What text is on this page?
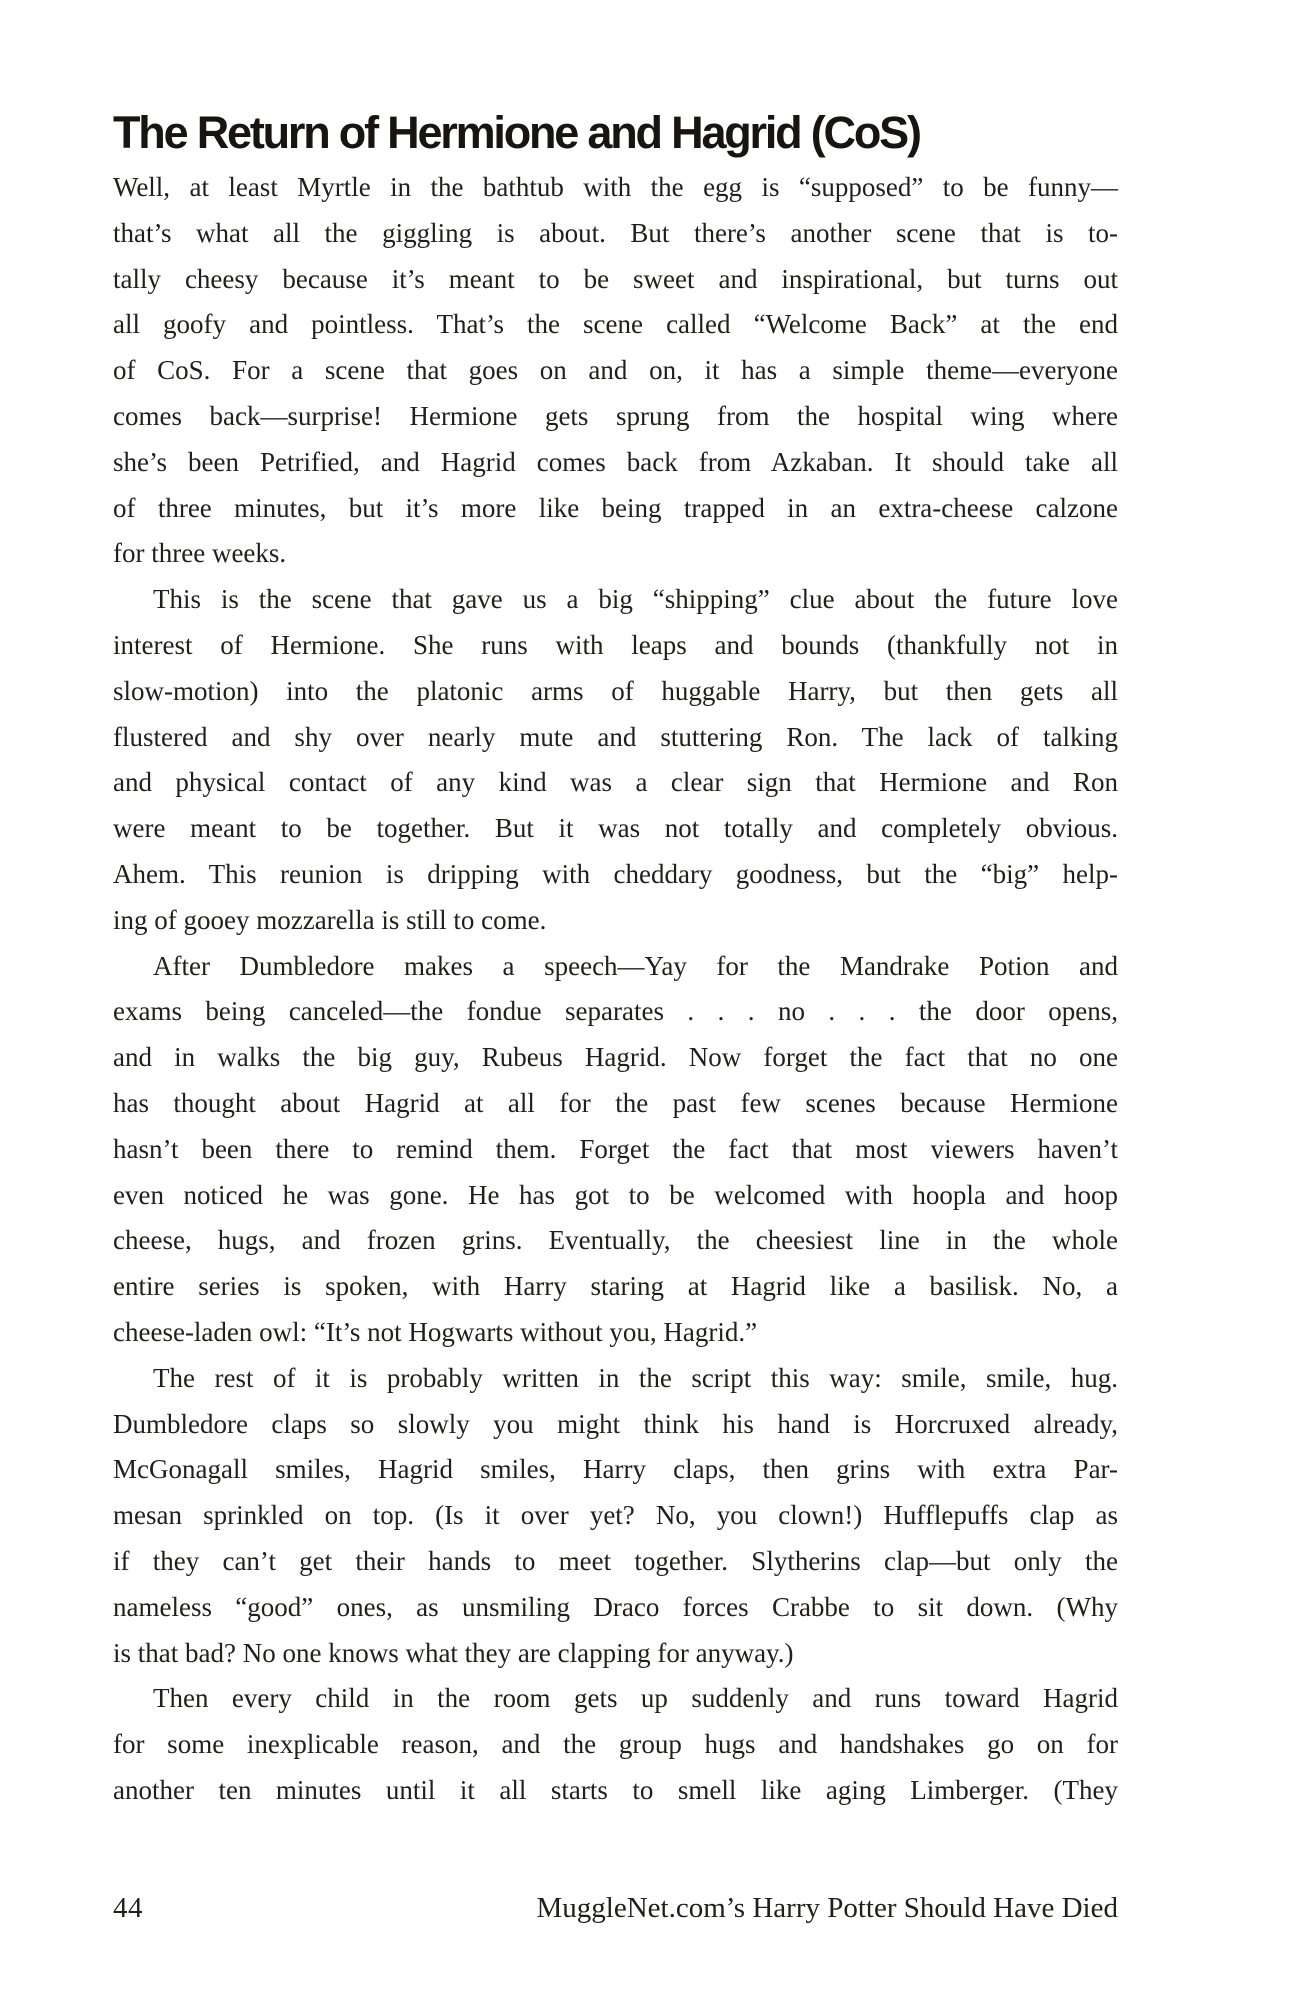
The Return of Hermione and Hagrid (CoS)
Well, at least Myrtle in the bathtub with the egg is “supposed” to be funny—
that’s what all the giggling is about. But there’s another scene that is to-
tally cheesy because it’s meant to be sweet and inspirational, but turns out
all goofy and pointless. That’s the scene called “Welcome Back” at the end
of CoS. For a scene that goes on and on, it has a simple theme—everyone
comes back—surprise! Hermione gets sprung from the hospital wing where
she’s been Petrified, and Hagrid comes back from Azkaban. It should take all
of three minutes, but it’s more like being trapped in an extra-cheese calzone
for three weeks.
This is the scene that gave us a big “shipping” clue about the future love
interest of Hermione. She runs with leaps and bounds (thankfully not in
slow-motion) into the platonic arms of huggable Harry, but then gets all
flustered and shy over nearly mute and stuttering Ron. The lack of talking
and physical contact of any kind was a clear sign that Hermione and Ron
were meant to be together. But it was not totally and completely obvious.
Ahem. This reunion is dripping with cheddary goodness, but the “big” help-
ing of gooey mozzarella is still to come.
After Dumbledore makes a speech—Yay for the Mandrake Potion and
exams being canceled—the fondue separates . . . no . . . the door opens,
and in walks the big guy, Rubeus Hagrid. Now forget the fact that no one
has thought about Hagrid at all for the past few scenes because Hermione
hasn’t been there to remind them. Forget the fact that most viewers haven’t
even noticed he was gone. He has got to be welcomed with hoopla and hoop
cheese, hugs, and frozen grins. Eventually, the cheesiest line in the whole
entire series is spoken, with Harry staring at Hagrid like a basilisk. No, a
cheese-laden owl: “It’s not Hogwarts without you, Hagrid.”
The rest of it is probably written in the script this way: smile, smile, hug.
Dumbledore claps so slowly you might think his hand is Horcruxed already,
McGonagall smiles, Hagrid smiles, Harry claps, then grins with extra Par-
mesan sprinkled on top. (Is it over yet? No, you clown!) Hufflepuffs clap as
if they can’t get their hands to meet together. Slytherins clap—but only the
nameless “good” ones, as unsmiling Draco forces Crabbe to sit down. (Why
is that bad? No one knows what they are clapping for anyway.)
Then every child in the room gets up suddenly and runs toward Hagrid
for some inexplicable reason, and the group hugs and handshakes go on for
another ten minutes until it all starts to smell like aging Limberger. (They
44	MuggleNet.com’s Harry Potter Should Have Died
